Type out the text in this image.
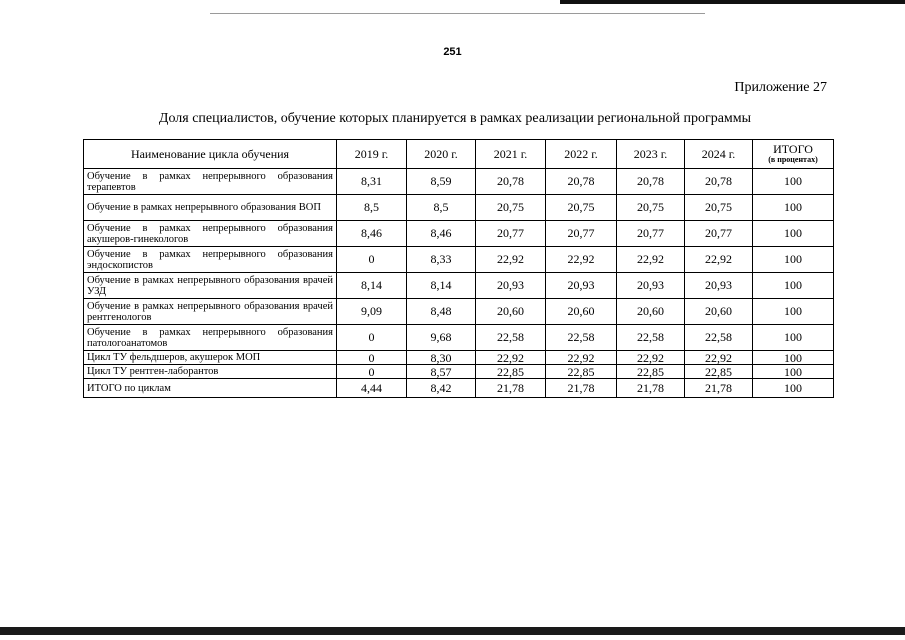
251
Приложение 27
Доля специалистов, обучение которых планируется в рамках реализации региональной программы
Наименование цикла обучения	2019 г.	2020 г.	2021 г.	2022 г.	2023 г.	2024 г.	ИТОГО
(в процентах)

Обучение в рамках непрерывного образования терапевтов	8,31	8,59	20,78	20,78	20,78	20,78	100
Обучение в рамках непрерывного образования ВОП	8,5	8,5	20,75	20,75	20,75	20,75	100
Обучение в рамках непрерывного образования акушеров-гинекологов	8,46	8,46	20,77	20,77	20,77	20,77	100
Обучение в рамках непрерывного образования эндоскопистов	0	8,33	22,92	22,92	22,92	22,92	100
Обучение в рамках непрерывного образования врачей УЗД	8,14	8,14	20,93	20,93	20,93	20,93	100
Обучение в рамках непрерывного образования врачей рентгенологов	9,09	8,48	20,60	20,60	20,60	20,60	100
Обучение в рамках непрерывного образования патологоанатомов	0	9,68	22,58	22,58	22,58	22,58	100
Цикл ТУ фельдшеров, акушерок МОП	0	8,30	22,92	22,92	22,92	22,92	100
Цикл ТУ рентген-лаборантов	0	8,57	22,85	22,85	22,85	22,85	100
ИТОГО по циклам	4,44	8,42	21,78	21,78	21,78	21,78	100
